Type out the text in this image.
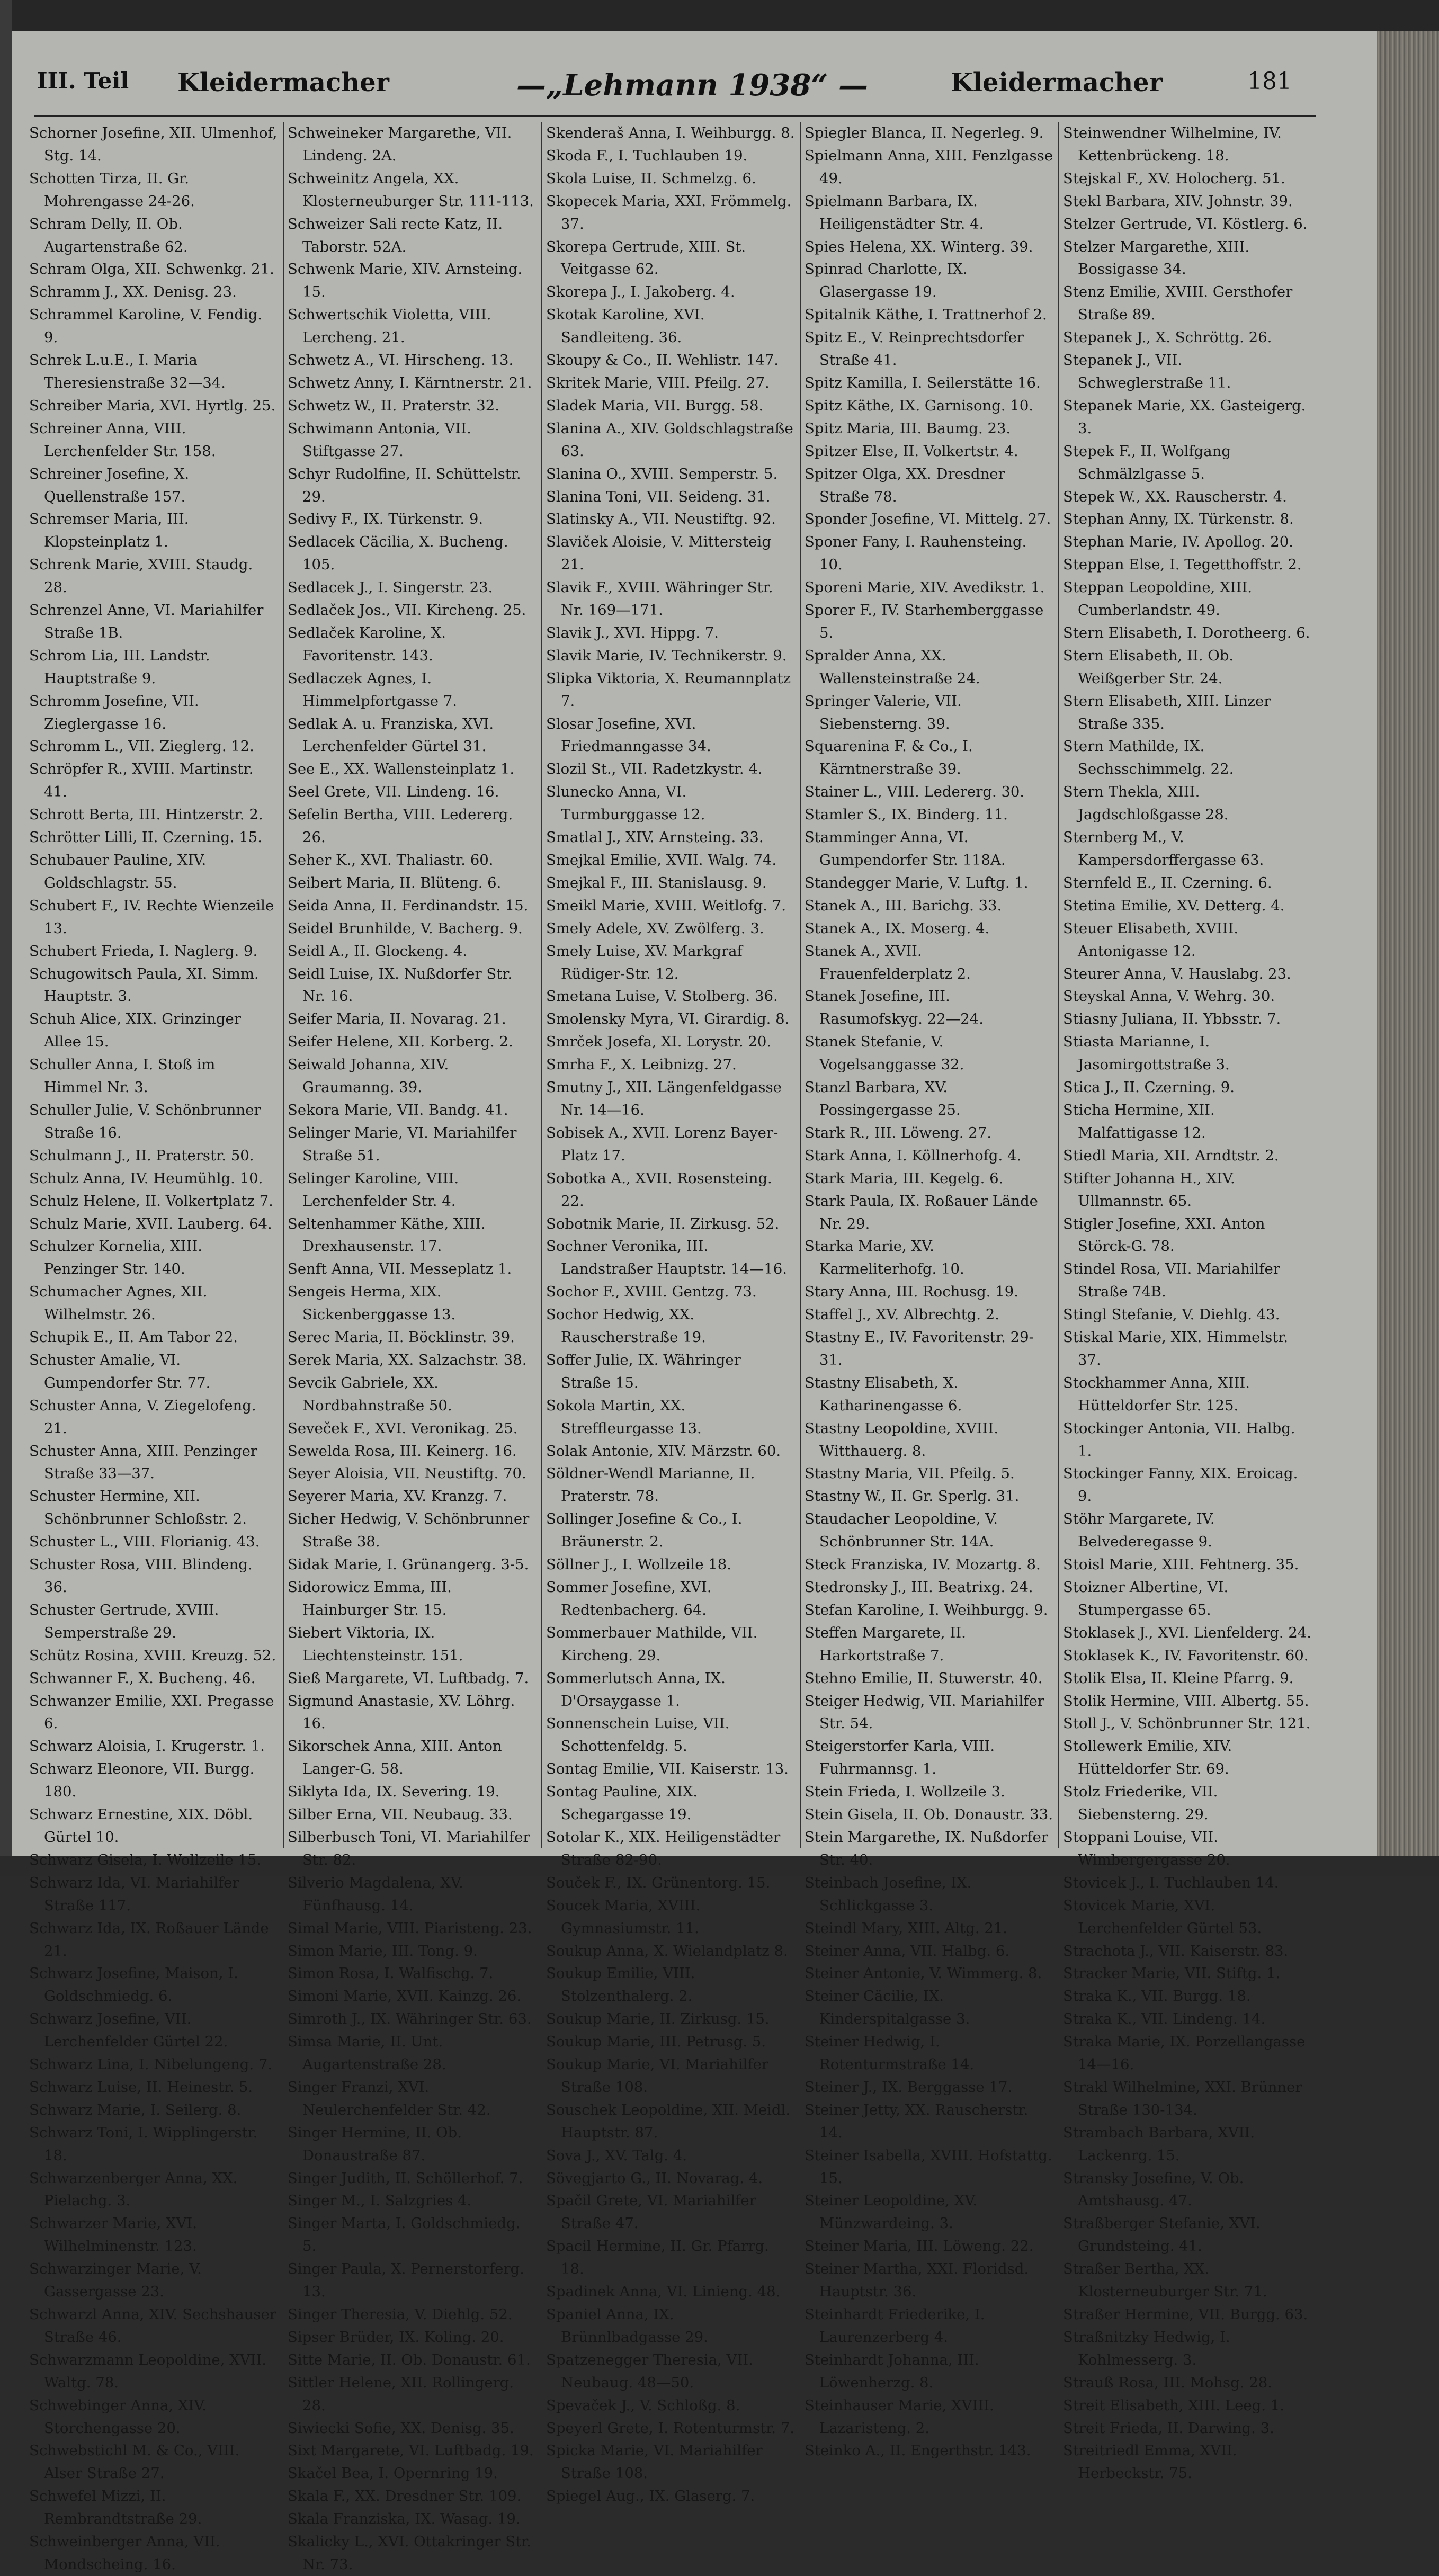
III. Teil Kleidermacher	—„Lehmann 1938“ —	Kleidermacher	181
Schorner Josefine, XII. Ulmenhof, Stg. 14.
Schotten Tirza, II. Gr. Mohrengasse 24-26.
Schram Delly, II. Ob. Augartenstraße 62.
Schram Olga, XII. Schwenkg. 21.
Schramm J., XX. Denisg. 23.
Schrammel Karoline, V. Fendig. 9.
Schrek L.u.E., I. Maria Theresienstraße 32—34.
Schreiber Maria, XVI. Hyrtlg. 25.
Schreiner Anna, VIII. Lerchenfelder Str. 158.
Schreiner Josefine, X. Quellenstraße 157.
Schremser Maria, III. Klopsteinplatz 1.
Schrenk Marie, XVIII. Staudg. 28.
Schrenzel Anne, VI. Mariahilfer Straße 1B.
Schrom Lia, III. Landstr. Hauptstraße 9.
Schromm Josefine, VII. Zieglergasse 16.
Schromm L., VII. Zieglerg. 12.
Schröpfer R., XVIII. Martinstr. 41.
Schrott Berta, III. Hintzerstr. 2.
Schrötter Lilli, II. Czerning. 15.
Schubauer Pauline, XIV. Goldschlagstr. 55.
Schubert F., IV. Rechte Wienzeile 13.
Schubert Frieda, I. Naglerg. 9.
Schugowitsch Paula, XI. Simm. Hauptstr. 3.
Schuh Alice, XIX. Grinzinger Allee 15.
Schuller Anna, I. Stoß im Himmel Nr. 3.
Schuller Julie, V. Schönbrunner Straße 16.
Schulmann J., II. Praterstr. 50.
Schulz Anna, IV. Heumühlg. 10.
Schulz Helene, II. Volkertplatz 7.
Schulz Marie, XVII. Lauberg. 64.
Schulzer Kornelia, XIII. Penzinger Str. 140.
Schumacher Agnes, XII. Wilhelmstr. 26.
Schupik E., II. Am Tabor 22.
Schuster Amalie, VI. Gumpendorfer Str. 77.
Schuster Anna, V. Ziegelofeng. 21.
Schuster Anna, XIII. Penzinger Straße 33—37.
Schuster Hermine, XII. Schönbrunner Schloßstr. 2.
Schuster L., VIII. Florianig. 43.
Schuster Rosa, VIII. Blindeng. 36.
Schuster Gertrude, XVIII. Semperstraße 29.
Schütz Rosina, XVIII. Kreuzg. 52.
Schwanner F., X. Bucheng. 46.
Schwanzer Emilie, XXI. Pregasse 6.
Schwarz Aloisia, I. Krugerstr. 1.
Schwarz Eleonore, VII. Burgg. 180.
Schwarz Ernestine, XIX. Döbl. Gürtel 10.
Schwarz Gisela, I. Wollzeile 15.
Schwarz Ida, VI. Mariahilfer Straße 117.
Schwarz Ida, IX. Roßauer Lände 21.
Schwarz Josefine, Maison, I. Goldschmiedg. 6.
Schwarz Josefine, VII. Lerchenfelder Gürtel 22.
Schwarz Lina, I. Nibelungeng. 7.
Schwarz Luise, II. Heinestr. 5.
Schwarz Marie, I. Seilerg. 8.
Schwarz Toni, I. Wipplingerstr. 18.
Schwarzenberger Anna, XX. Pielachg. 3.
Schwarzer Marie, XVI. Wilhelminenstr. 123.
Schwarzinger Marie, V. Gassergasse 23.
Schwarzl Anna, XIV. Sechshauser Straße 46.
Schwarzmann Leopoldine, XVII. Waltg. 78.
Schwebinger Anna, XIV. Storchengasse 20.
Schwebstichl M. & Co., VIII. Alser Straße 27.
Schwefel Mizzi, II. Rembrandtstraße 29.
Schweinberger Anna, VII. Mondscheing. 16.
Schweineker Margarethe, VII. Lindeng. 2A.
Schweinitz Angela, XX. Klosterneuburger Str. 111-113.
Schweizer Sali recte Katz, II. Taborstr. 52A.
Schwenk Marie, XIV. Arnsteing. 15.
Schwertschik Violetta, VIII. Lercheng. 21.
Schwetz A., VI. Hirscheng. 13.
Schwetz Anny, I. Kärntnerstr. 21.
Schwetz W., II. Praterstr. 32.
Schwimann Antonia, VII. Stiftgasse 27.
Schyr Rudolfine, II. Schüttelstr. 29.
Sedivy F., IX. Türkenstr. 9.
Sedlacek Cäcilia, X. Bucheng. 105.
Sedlacek J., I. Singerstr. 23.
Sedlaček Jos., VII. Kircheng. 25.
Sedlaček Karoline, X. Favoritenstr. 143.
Sedlaczek Agnes, I. Himmelpfortgasse 7.
Sedlak A. u. Franziska, XVI. Lerchenfelder Gürtel 31.
See E., XX. Wallensteinplatz 1.
Seel Grete, VII. Lindeng. 16.
Sefelin Bertha, VIII. Ledererg. 26.
Seher K., XVI. Thaliastr. 60.
Seibert Maria, II. Blüteng. 6.
Seida Anna, II. Ferdinandstr. 15.
Seidel Brunhilde, V. Bacherg. 9.
Seidl A., II. Glockeng. 4.
Seidl Luise, IX. Nußdorfer Str. Nr. 16.
Seifer Maria, II. Novarag. 21.
Seifer Helene, XII. Korberg. 2.
Seiwald Johanna, XIV. Graumanng. 39.
Sekora Marie, VII. Bandg. 41.
Selinger Marie, VI. Mariahilfer Straße 51.
Selinger Karoline, VIII. Lerchenfelder Str. 4.
Seltenhammer Käthe, XIII. Drexhausenstr. 17.
Senft Anna, VII. Messeplatz 1.
Sengeis Herma, XIX. Sickenberggasse 13.
Serec Maria, II. Böcklinstr. 39.
Serek Maria, XX. Salzachstr. 38.
Sevcik Gabriele, XX. Nordbahnstraße 50.
Seveček F., XVI. Veronikag. 25.
Sewelda Rosa, III. Keinerg. 16.
Seyer Aloisia, VII. Neustiftg. 70.
Seyerer Maria, XV. Kranzg. 7.
Sicher Hedwig, V. Schönbrunner Straße 38.
Sidak Marie, I. Grünangerg. 3-5.
Sidorowicz Emma, III. Hainburger Str. 15.
Siebert Viktoria, IX. Liechtensteinstr. 151.
Sieß Margarete, VI. Luftbadg. 7.
Sigmund Anastasie, XV. Löhrg. 16.
Sikorschek Anna, XIII. Anton Langer-G. 58.
Siklyta Ida, IX. Severing. 19.
Silber Erna, VII. Neubaug. 33.
Silberbusch Toni, VI. Mariahilfer Str. 82.
Silverio Magdalena, XV. Fünfhausg. 14.
Simal Marie, VIII. Piaristeng. 23.
Simon Marie, III. Tong. 9.
Simon Rosa, I. Walfischg. 7.
Simoni Marie, XVII. Kainzg. 26.
Simroth J., IX. Währinger Str. 63.
Simsa Marie, II. Unt. Augartenstraße 28.
Singer Franzi, XVI. Neulerchenfelder Str. 42.
Singer Hermine, II. Ob. Donaustraße 87.
Singer Judith, II. Schöllerhof. 7.
Singer M., I. Salzgries 4.
Singer Marta, I. Goldschmiedg. 5.
Singer Paula, X. Pernerstorferg. 13.
Singer Theresia, V. Diehlg. 52.
Sipser Brüder, IX. Koling. 20.
Sitte Marie, II. Ob. Donaustr. 61.
Sittler Helene, XII. Rollingerg. 28.
Siwiecki Sofie, XX. Denisg. 35.
Sixt Margarete, VI. Luftbadg. 19.
Skačel Bea, I. Opernring 19.
Skala F., XX. Dresdner Str. 109.
Skala Franziska, IX. Wasag. 19.
Skalicky L., XVI. Ottakringer Str. Nr. 73.
Skenderaš Anna, I. Weihburgg. 8.
Skoda F., I. Tuchlauben 19.
Skola Luise, II. Schmelzg. 6.
Skopecek Maria, XXI. Frömmelg. 37.
Skorepa Gertrude, XIII. St. Veitgasse 62.
Skorepa J., I. Jakoberg. 4.
Skotak Karoline, XVI. Sandleiteng. 36.
Skoupy & Co., II. Wehlistr. 147.
Skritek Marie, VIII. Pfeilg. 27.
Sladek Maria, VII. Burgg. 58.
Slanina A., XIV. Goldschlagstraße 63.
Slanina O., XVIII. Semperstr. 5.
Slanina Toni, VII. Seideng. 31.
Slatinsky A., VII. Neustiftg. 92.
Slaviček Aloisie, V. Mittersteig 21.
Slavik F., XVIII. Währinger Str. Nr. 169—171.
Slavik J., XVI. Hippg. 7.
Slavik Marie, IV. Technikerstr. 9.
Slipka Viktoria, X. Reumannplatz 7.
Slosar Josefine, XVI. Friedmanngasse 34.
Slozil St., VII. Radetzkystr. 4.
Slunecko Anna, VI. Turmburggasse 12.
Smatlal J., XIV. Arnsteing. 33.
Smejkal Emilie, XVII. Walg. 74.
Smejkal F., III. Stanislausg. 9.
Smeikl Marie, XVIII. Weitlofg. 7.
Smely Adele, XV. Zwölferg. 3.
Smely Luise, XV. Markgraf Rüdiger-Str. 12.
Smetana Luise, V. Stolberg. 36.
Smolensky Myra, VI. Girardig. 8.
Smrček Josefa, XI. Lorystr. 20.
Smrha F., X. Leibnizg. 27.
Smutny J., XII. Längenfeldgasse Nr. 14—16.
Sobisek A., XVII. Lorenz Bayer-Platz 17.
Sobotka A., XVII. Rosensteing. 22.
Sobotnik Marie, II. Zirkusg. 52.
Sochner Veronika, III. Landstraßer Hauptstr. 14—16.
Sochor F., XVIII. Gentzg. 73.
Sochor Hedwig, XX. Rauscherstraße 19.
Soffer Julie, IX. Währinger Straße 15.
Sokola Martin, XX. Streffleurgasse 13.
Solak Antonie, XIV. Märzstr. 60.
Söldner-Wendl Marianne, II. Praterstr. 78.
Sollinger Josefine & Co., I. Bräunerstr. 2.
Söllner J., I. Wollzeile 18.
Sommer Josefine, XVI. Redtenbacherg. 64.
Sommerbauer Mathilde, VII. Kircheng. 29.
Sommerlutsch Anna, IX. D'Orsaygasse 1.
Sonnenschein Luise, VII. Schottenfeldg. 5.
Sontag Emilie, VII. Kaiserstr. 13.
Sontag Pauline, XIX. Schegargasse 19.
Sotolar K., XIX. Heiligenstädter Straße 82-90.
Souček F., IX. Grünentorg. 15.
Soucek Maria, XVIII. Gymnasiumstr. 11.
Soukup Anna, X. Wielandplatz 8.
Soukup Emilie, VIII. Stolzenthalerg. 2.
Soukup Marie, II. Zirkusg. 15.
Soukup Marie, III. Petrusg. 5.
Soukup Marie, VI. Mariahilfer Straße 108.
Souschek Leopoldine, XII. Meidl. Hauptstr. 87.
Sova J., XV. Talg. 4.
Sövegjarto G., II. Novarag. 4.
Spačil Grete, VI. Mariahilfer Straße 47.
Spacil Hermine, II. Gr. Pfarrg. 18.
Spadinek Anna, VI. Linieng. 48.
Spaniel Anna, IX. Brünnlbadgasse 29.
Spatzenegger Theresia, VII. Neubaug. 48—50.
Spevaček J., V. Schloßg. 8.
Speyerl Grete, I. Rotenturmstr. 7.
Spicka Marie, VI. Mariahilfer Straße 108.
Spiegel Aug., IX. Glaserg. 7.
Spiegler Blanca, II. Negerleg. 9.
Spielmann Anna, XIII. Fenzlgasse 49.
Spielmann Barbara, IX. Heiligenstädter Str. 4.
Spies Helena, XX. Winterg. 39.
Spinrad Charlotte, IX. Glasergasse 19.
Spitalnik Käthe, I. Trattnerhof 2.
Spitz E., V. Reinprechtsdorfer Straße 41.
Spitz Kamilla, I. Seilerstätte 16.
Spitz Käthe, IX. Garnisong. 10.
Spitz Maria, III. Baumg. 23.
Spitzer Else, II. Volkertstr. 4.
Spitzer Olga, XX. Dresdner Straße 78.
Sponder Josefine, VI. Mittelg. 27.
Sponer Fany, I. Rauhensteing. 10.
Sporeni Marie, XIV. Avedikstr. 1.
Sporer F., IV. Starhemberggasse 5.
Spralder Anna, XX. Wallensteinstraße 24.
Springer Valerie, VII. Siebensterng. 39.
Squarenina F. & Co., I. Kärntnerstraße 39.
Stainer L., VIII. Ledererg. 30.
Stamler S., IX. Binderg. 11.
Stamminger Anna, VI. Gumpendorfer Str. 118A.
Standegger Marie, V. Luftg. 1.
Stanek A., III. Barichg. 33.
Stanek A., IX. Moserg. 4.
Stanek A., XVII. Frauenfelderplatz 2.
Stanek Josefine, III. Rasumofskyg. 22—24.
Stanek Stefanie, V. Vogelsanggasse 32.
Stanzl Barbara, XV. Possingergasse 25.
Stark R., III. Löweng. 27.
Stark Anna, I. Köllnerhofg. 4.
Stark Maria, III. Kegelg. 6.
Stark Paula, IX. Roßauer Lände Nr. 29.
Starka Marie, XV. Karmeliterhofg. 10.
Stary Anna, III. Rochusg. 19.
Staffel J., XV. Albrechtg. 2.
Stastny E., IV. Favoritenstr. 29-31.
Stastny Elisabeth, X. Katharinengasse 6.
Stastny Leopoldine, XVIII. Witthauerg. 8.
Stastny Maria, VII. Pfeilg. 5.
Stastny W., II. Gr. Sperlg. 31.
Staudacher Leopoldine, V. Schönbrunner Str. 14A.
Steck Franziska, IV. Mozartg. 8.
Stedronsky J., III. Beatrixg. 24.
Stefan Karoline, I. Weihburgg. 9.
Steffen Margarete, II. Harkortstraße 7.
Stehno Emilie, II. Stuwerstr. 40.
Steiger Hedwig, VII. Mariahilfer Str. 54.
Steigerstorfer Karla, VIII. Fuhrmannsg. 1.
Stein Frieda, I. Wollzeile 3.
Stein Gisela, II. Ob. Donaustr. 33.
Stein Margarethe, IX. Nußdorfer Str. 40.
Steinbach Josefine, IX. Schlickgasse 3.
Steindl Mary, XIII. Altg. 21.
Steiner Anna, VII. Halbg. 6.
Steiner Antonie, V. Wimmerg. 8.
Steiner Cäcilie, IX. Kinderspitalgasse 3.
Steiner Hedwig, I. Rotenturmstraße 14.
Steiner J., IX. Berggasse 17.
Steiner Jetty, XX. Rauscherstr. 14.
Steiner Isabella, XVIII. Hofstattg. 15.
Steiner Leopoldine, XV. Münzwardeing. 3.
Steiner Maria, III. Löweng. 22.
Steiner Martha, XXI. Floridsd. Hauptstr. 36.
Steinhardt Friederike, I. Laurenzerberg 4.
Steinhardt Johanna, III. Löwenherzg. 8.
Steinhauser Marie, XVIII. Lazaristeng. 2.
Steinko A., II. Engerthstr. 143.
Steinwendner Wilhelmine, IV. Kettenbrückeng. 18.
Stejskal F., XV. Holocherg. 51.
Stekl Barbara, XIV. Johnstr. 39.
Stelzer Gertrude, VI. Köstlerg. 6.
Stelzer Margarethe, XIII. Bossigasse 34.
Stenz Emilie, XVIII. Gersthofer Straße 89.
Stepanek J., X. Schröttg. 26.
Stepanek J., VII. Schweglerstraße 11.
Stepanek Marie, XX. Gasteigerg. 3.
Stepek F., II. Wolfgang Schmälzlgasse 5.
Stepek W., XX. Rauscherstr. 4.
Stephan Anny, IX. Türkenstr. 8.
Stephan Marie, IV. Apollog. 20.
Steppan Else, I. Tegetthoffstr. 2.
Steppan Leopoldine, XIII. Cumberlandstr. 49.
Stern Elisabeth, I. Dorotheerg. 6.
Stern Elisabeth, II. Ob. Weißgerber Str. 24.
Stern Elisabeth, XIII. Linzer Straße 335.
Stern Mathilde, IX. Sechsschimmelg. 22.
Stern Thekla, XIII. Jagdschloßgasse 28.
Sternberg M., V. Kampersdorffergasse 63.
Sternfeld E., II. Czerning. 6.
Stetina Emilie, XV. Detterg. 4.
Steuer Elisabeth, XVIII. Antonigasse 12.
Steurer Anna, V. Hauslabg. 23.
Steyskal Anna, V. Wehrg. 30.
Stiasny Juliana, II. Ybbsstr. 7.
Stiasta Marianne, I. Jasomirgottstraße 3.
Stica J., II. Czerning. 9.
Sticha Hermine, XII. Malfattigasse 12.
Stiedl Maria, XII. Arndtstr. 2.
Stifter Johanna H., XIV. Ullmannstr. 65.
Stigler Josefine, XXI. Anton Störck-G. 78.
Stindel Rosa, VII. Mariahilfer Straße 74B.
Stingl Stefanie, V. Diehlg. 43.
Stiskal Marie, XIX. Himmelstr. 37.
Stockhammer Anna, XIII. Hütteldorfer Str. 125.
Stockinger Antonia, VII. Halbg. 1.
Stockinger Fanny, XIX. Eroicag. 9.
Stöhr Margarete, IV. Belvederegasse 9.
Stoisl Marie, XIII. Fehtnerg. 35.
Stoizner Albertine, VI. Stumpergasse 65.
Stoklasek J., XVI. Lienfelderg. 24.
Stoklasek K., IV. Favoritenstr. 60.
Stolik Elsa, II. Kleine Pfarrg. 9.
Stolik Hermine, VIII. Albertg. 55.
Stoll J., V. Schönbrunner Str. 121.
Stollewerk Emilie, XIV. Hütteldorfer Str. 69.
Stolz Friederike, VII. Siebensterng. 29.
Stoppani Louise, VII. Wimbergergasse 20.
Stovicek J., I. Tuchlauben 14.
Stovicek Marie, XVI. Lerchenfelder Gürtel 53.
Strachota J., VII. Kaiserstr. 83.
Stracker Marie, VII. Stiftg. 1.
Straka K., VII. Burgg. 18.
Straka K., VII. Lindeng. 14.
Straka Marie, IX. Porzellangasse 14—16.
Strakl Wilhelmine, XXI. Brünner Straße 130-134.
Strambach Barbara, XVII. Lackenrg. 15.
Stransky Josefine, V. Ob. Amtshausg. 47.
Straßberger Stefanie, XVI. Grundsteing. 41.
Straßer Bertha, XX. Klosterneuburger Str. 71.
Straßer Hermine, VII. Burgg. 63.
Straßnitzky Hedwig, I. Kohlmesserg. 3.
Strauß Rosa, III. Mohsg. 28.
Streit Elisabeth, XIII. Leeg. 1.
Streit Frieda, II. Darwing. 3.
Streitriedl Emma, XVII. Herbeckstr. 75.
